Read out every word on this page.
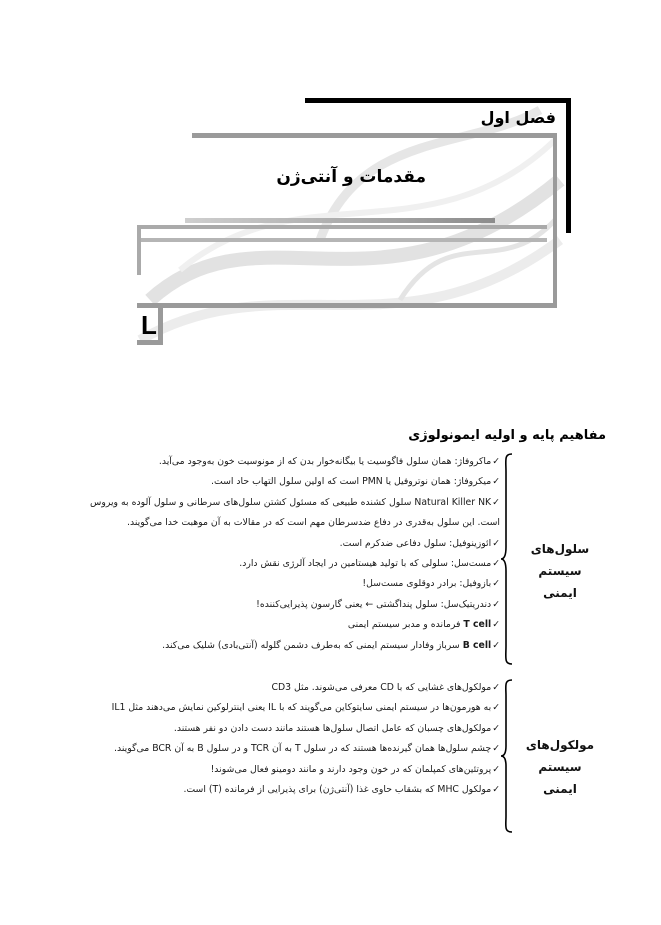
فصل اول
مقدمات و آنتی‌ژن
L
مفاهیم پایه و اولیه ایمونولوژی
سلول‌های
سیستم ایمنی
✓ماکروفاژ: همان سلول فاگوسیت یا بیگانه‌خوار بدن که از مونوسیت خون به‌وجود می‌آید.
✓میکروفاژ: همان نوتروفیل یا PMN است که اولین سلول التهاب حاد است.
✓Natural Killer NK سلول کشنده طبیعی که مسئول کشتن سلول‌های سرطانی و سلول آلوده به ویروس است. این سلول به‌قدری در دفاع ضدسرطان مهم است که در مقالات به آن موهبت خدا می‌گویند.
✓ائوزینوفیل: سلول دفاعی ضدکرم است.
✓مست‌سل: سلولی که با تولید هیستامین در ایجاد آلرژی نقش دارد.
✓بازوفیل: برادر دوقلوی مست‌سل!
✓دندریتیک‌سل: سلول پنداگشتی ← یعنی گارسون پذیرایی‌کننده!
✓T cell فرمانده و مدبر سیستم ایمنی
✓B cell سرباز وفادار سیستم ایمنی که به‌طرف دشمن گلوله (آنتی‌بادی) شلیک می‌کند.
مولکول‌های
سیستم ایمنی
✓مولکول‌های غشایی که با CD معرفی می‌شوند. مثل CD3
✓به هورمون‌ها در سیستم ایمنی سایتوکاین می‌گویند که با IL یعنی اینترلوکین نمایش می‌دهند مثل IL1
✓مولکول‌های چسبان که عامل اتصال سلول‌ها هستند مانند دست دادن دو نفر هستند.
✓چشم سلول‌ها همان گیرنده‌ها هستند که در سلول T به آن TCR و در سلول B به آن BCR می‌گویند.
✓پروتئین‌های کمپلمان که در خون وجود دارند و مانند دومینو فعال می‌شوند!
✓مولکول MHC که بشقاب حاوی غذا (آنتی‌ژن) برای پذیرایی از فرمانده (T) است.
